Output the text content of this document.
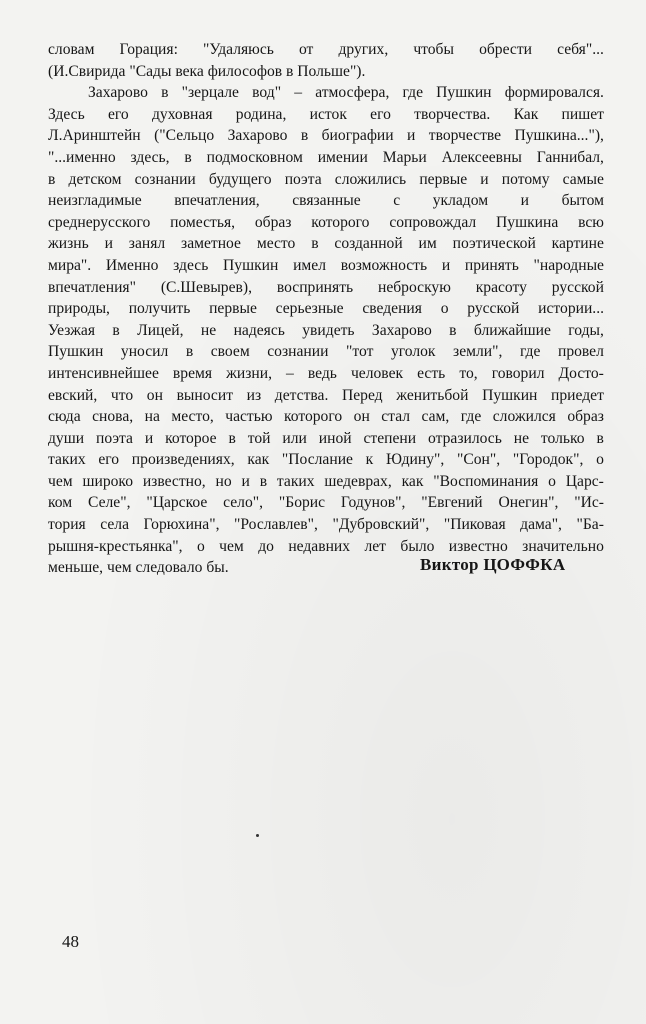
словам Горация: "Удаляюсь от других, чтобы обрести себя"...
(И.Свирида "Сады века философов в Польше").
Захарово в "зерцале вод" – атмосфера, где Пушкин формировался.
Здесь его духовная родина, исток его творчества. Как пишет
Л.Аринштейн ("Сельцо Захарово в биографии и творчестве Пушкина..."),
"...именно здесь, в подмосковном имении Марьи Алексеевны Ганнибал,
в детском сознании будущего поэта сложились первые и потому самые
неизгладимые впечатления, связанные с укладом и бытом
среднерусского поместья, образ которого сопровождал Пушкина всю
жизнь и занял заметное место в созданной им поэтической картине
мира". Именно здесь Пушкин имел возможность и принять "народные
впечатления" (С.Шевырев), воспринять неброскую красоту русской
природы, получить первые серьезные сведения о русской истории...
Уезжая в Лицей, не надеясь увидеть Захарово в ближайшие годы,
Пушкин уносил в своем сознании "тот уголок земли", где провел
интенсивнейшее время жизни, – ведь человек есть то, говорил Досто-
евский, что он выносит из детства. Перед женитьбой Пушкин приедет
сюда снова, на место, частью которого он стал сам, где сложился образ
души поэта и которое в той или иной степени отразилось не только в
таких его произведениях, как "Послание к Юдину", "Сон", "Городок", о
чем широко известно, но и в таких шедеврах, как "Воспоминания о Царс-
ком Селе", "Царское село", "Борис Годунов", "Евгений Онегин", "Ис-
тория села Горюхина", "Рославлев", "Дубровский", "Пиковая дама", "Ба-
рышня-крестьянка", о чем до недавних лет было известно значительно
меньше, чем следовало бы.	Виктор ЦОФФКА
48
